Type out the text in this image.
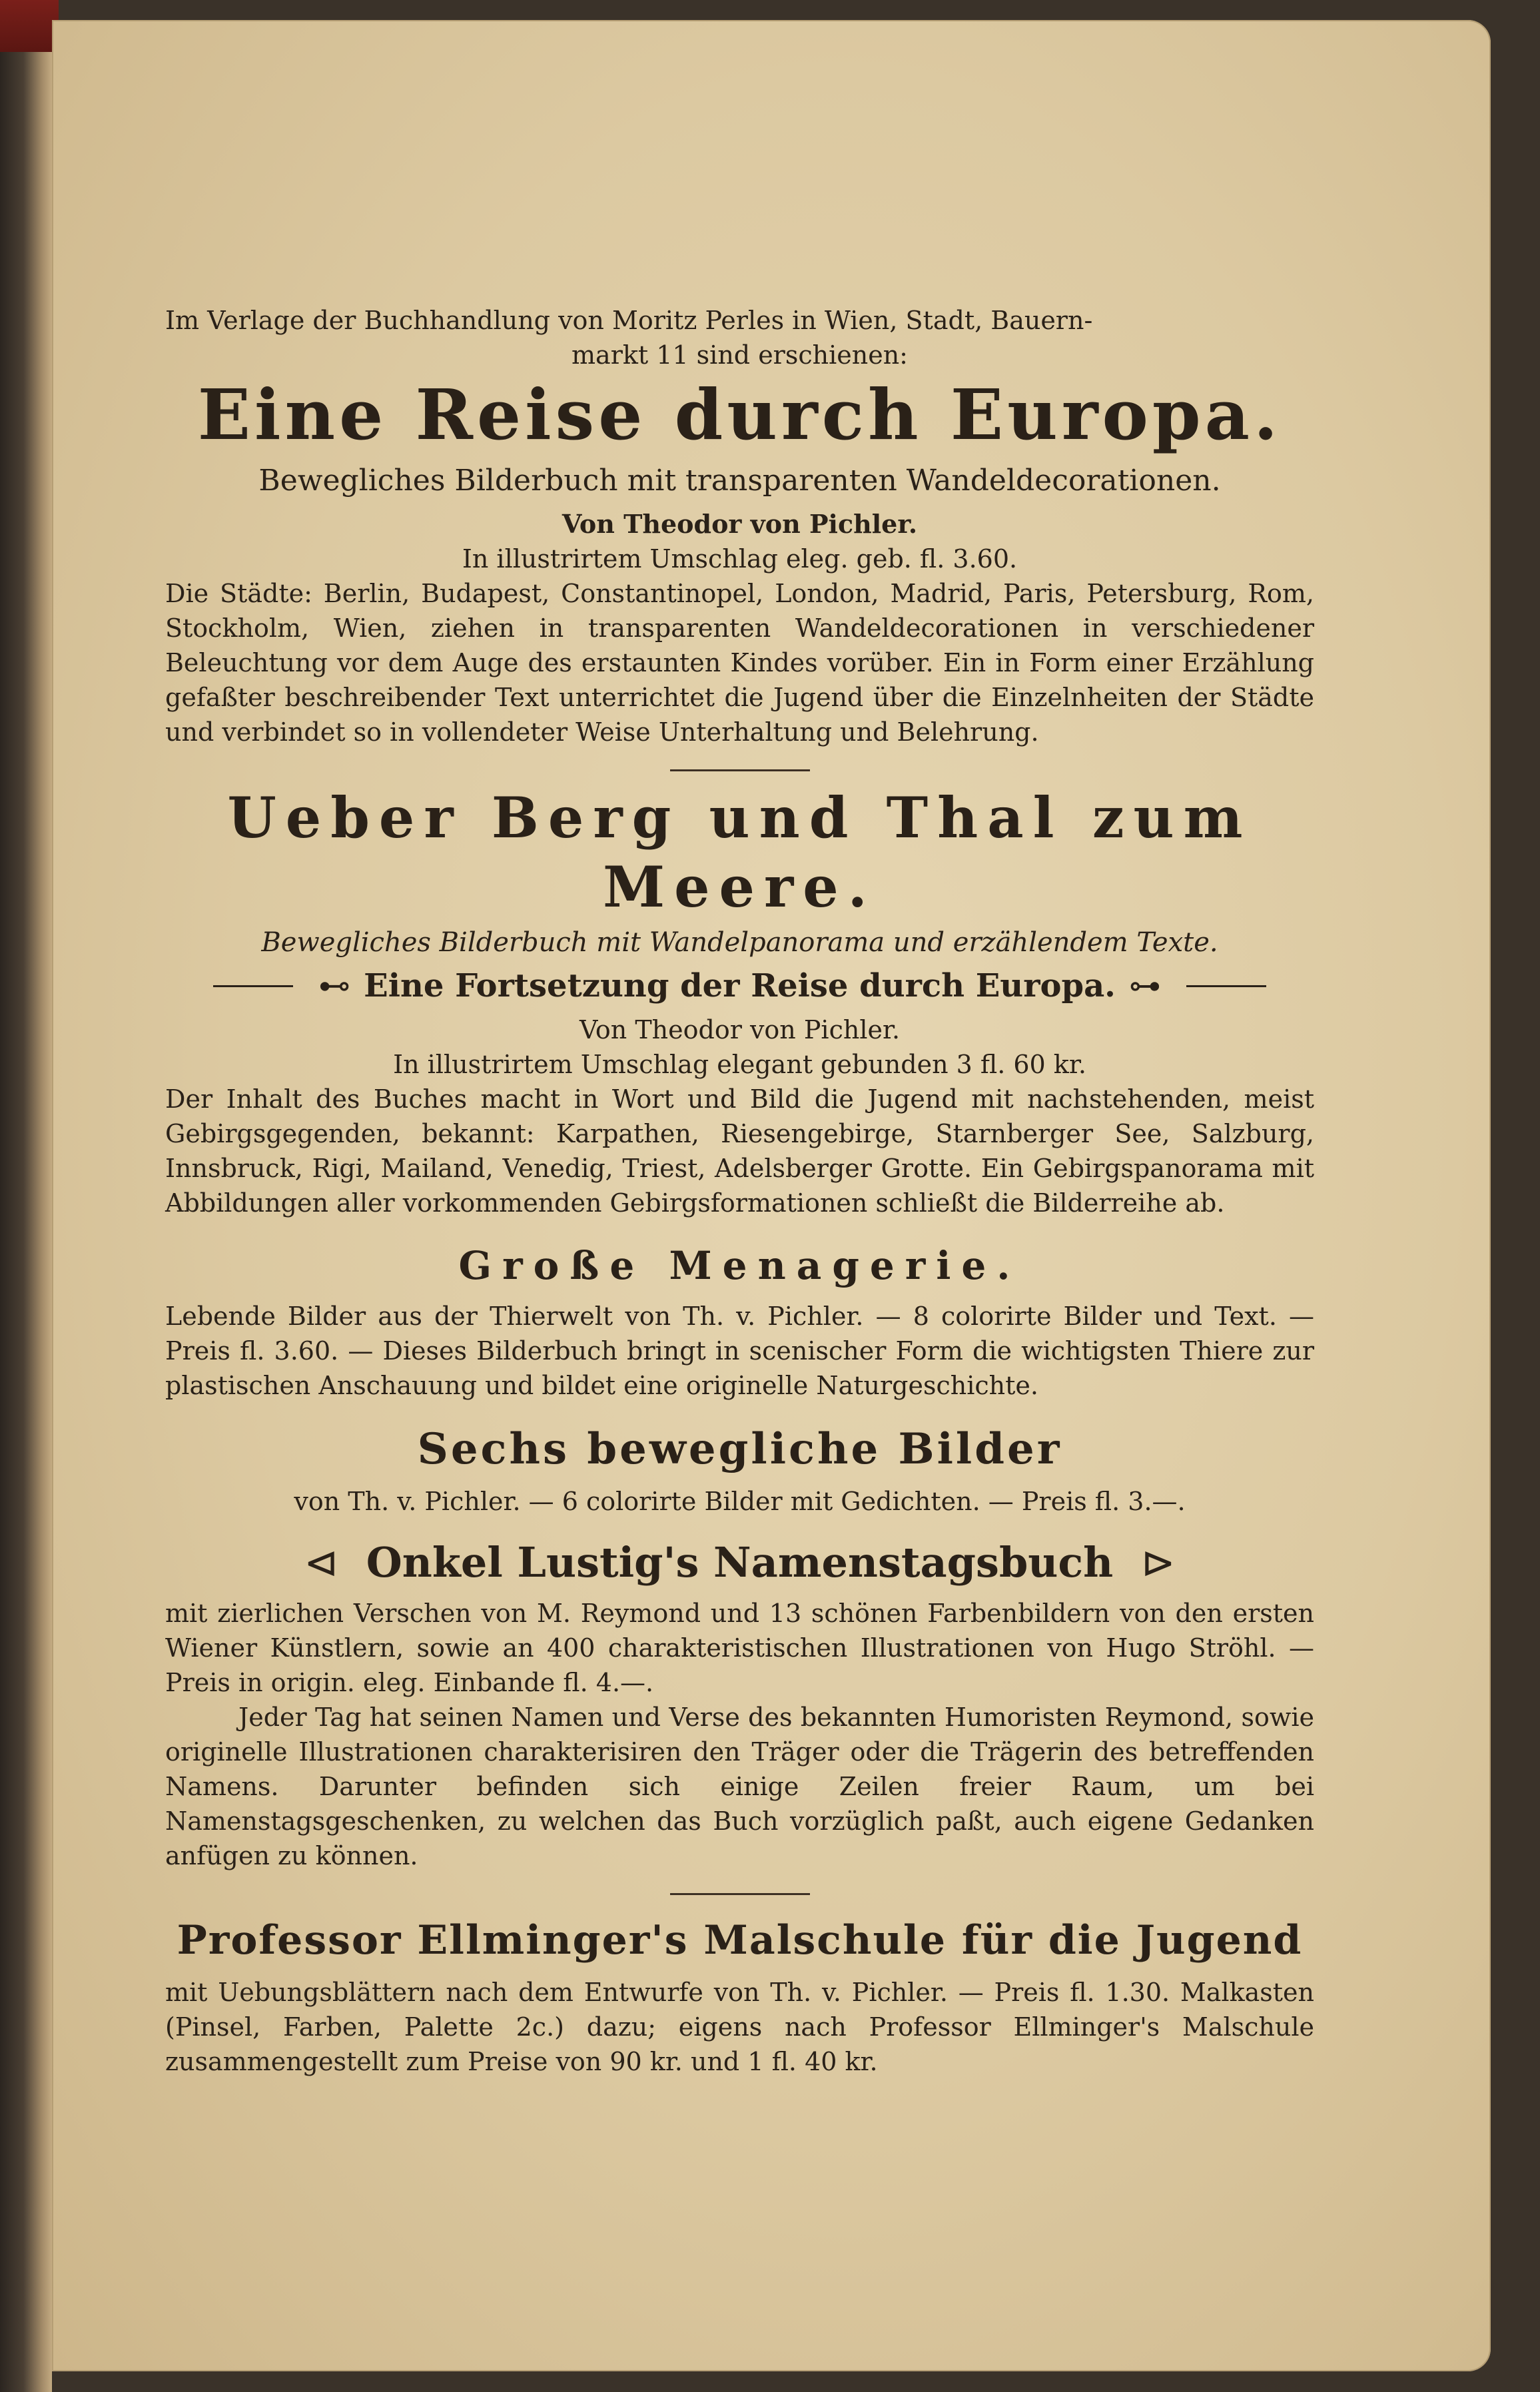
Im Verlage der Buchhandlung von Moritz Perles in Wien, Stadt, Bauern-

markt 11 sind erschienen:

Eine Reise durch Europa.
Bewegliches Bilderbuch mit transparenten Wandeldecorationen.

Von Theodor von Pichler.

In illustrirtem Umschlag eleg. geb. fl. 3.60.

Die Städte: Berlin, Budapest, Constantinopel, London, Madrid, Paris, Petersburg, Rom, Stockholm, Wien, ziehen in transparenten Wandeldecorationen in verschiedener Beleuchtung vor dem Auge des erstaunten Kindes vorüber. Ein in Form einer Erzählung gefaßter beschreibender Text unterrichtet die Jugend über die Einzelnheiten der Städte und verbindet so in vollendeter Weise Unterhaltung und Belehrung.

Ueber Berg und Thal zum Meere.
Bewegliches Bilderbuch mit Wandelpanorama und erzählendem Texte.
⊷ Eine Fortsetzung der Reise durch Europa. ⊶

Von Theodor von Pichler.

In illustrirtem Umschlag elegant gebunden 3 fl. 60 kr.

Der Inhalt des Buches macht in Wort und Bild die Jugend mit nachstehenden, meist Gebirgsgegenden, bekannt: Karpathen, Riesengebirge, Starnberger See, Salzburg, Innsbruck, Rigi, Mailand, Venedig, Triest, Adelsberger Grotte. Ein Gebirgspanorama mit Abbildungen aller vorkommenden Gebirgsformationen schließt die Bilderreihe ab.

Große Menagerie.

Lebende Bilder aus der Thierwelt von Th. v. Pichler. — 8 colorirte Bilder und Text. — Preis fl. 3.60. — Dieses Bilderbuch bringt in scenischer Form die wichtigsten Thiere zur plastischen Anschauung und bildet eine originelle Naturgeschichte.

Sechs bewegliche Bilder

von Th. v. Pichler. — 6 colorirte Bilder mit Gedichten. — Preis fl. 3.—.

⊲ Onkel Lustig's Namenstagsbuch ⊳

mit zierlichen Verschen von M. Reymond und 13 schönen Farbenbildern von den ersten Wiener Künstlern, sowie an 400 charakteristischen Illustrationen von Hugo Ströhl. — Preis in origin. eleg. Einbande fl. 4.—.

Jeder Tag hat seinen Namen und Verse des bekannten Humoristen Reymond, sowie originelle Illustrationen charakterisiren den Träger oder die Trägerin des betreffenden Namens. Darunter befinden sich einige Zeilen freier Raum, um bei Namenstagsgeschenken, zu welchen das Buch vorzüglich paßt, auch eigene Gedanken anfügen zu können.

Professor Ellminger's Malschule für die Jugend

mit Uebungsblättern nach dem Entwurfe von Th. v. Pichler. — Preis fl. 1.30. Malkasten (Pinsel, Farben, Palette 2c.) dazu; eigens nach Professor Ellminger's Malschule zusammengestellt zum Preise von 90 kr. und 1 fl. 40 kr.
